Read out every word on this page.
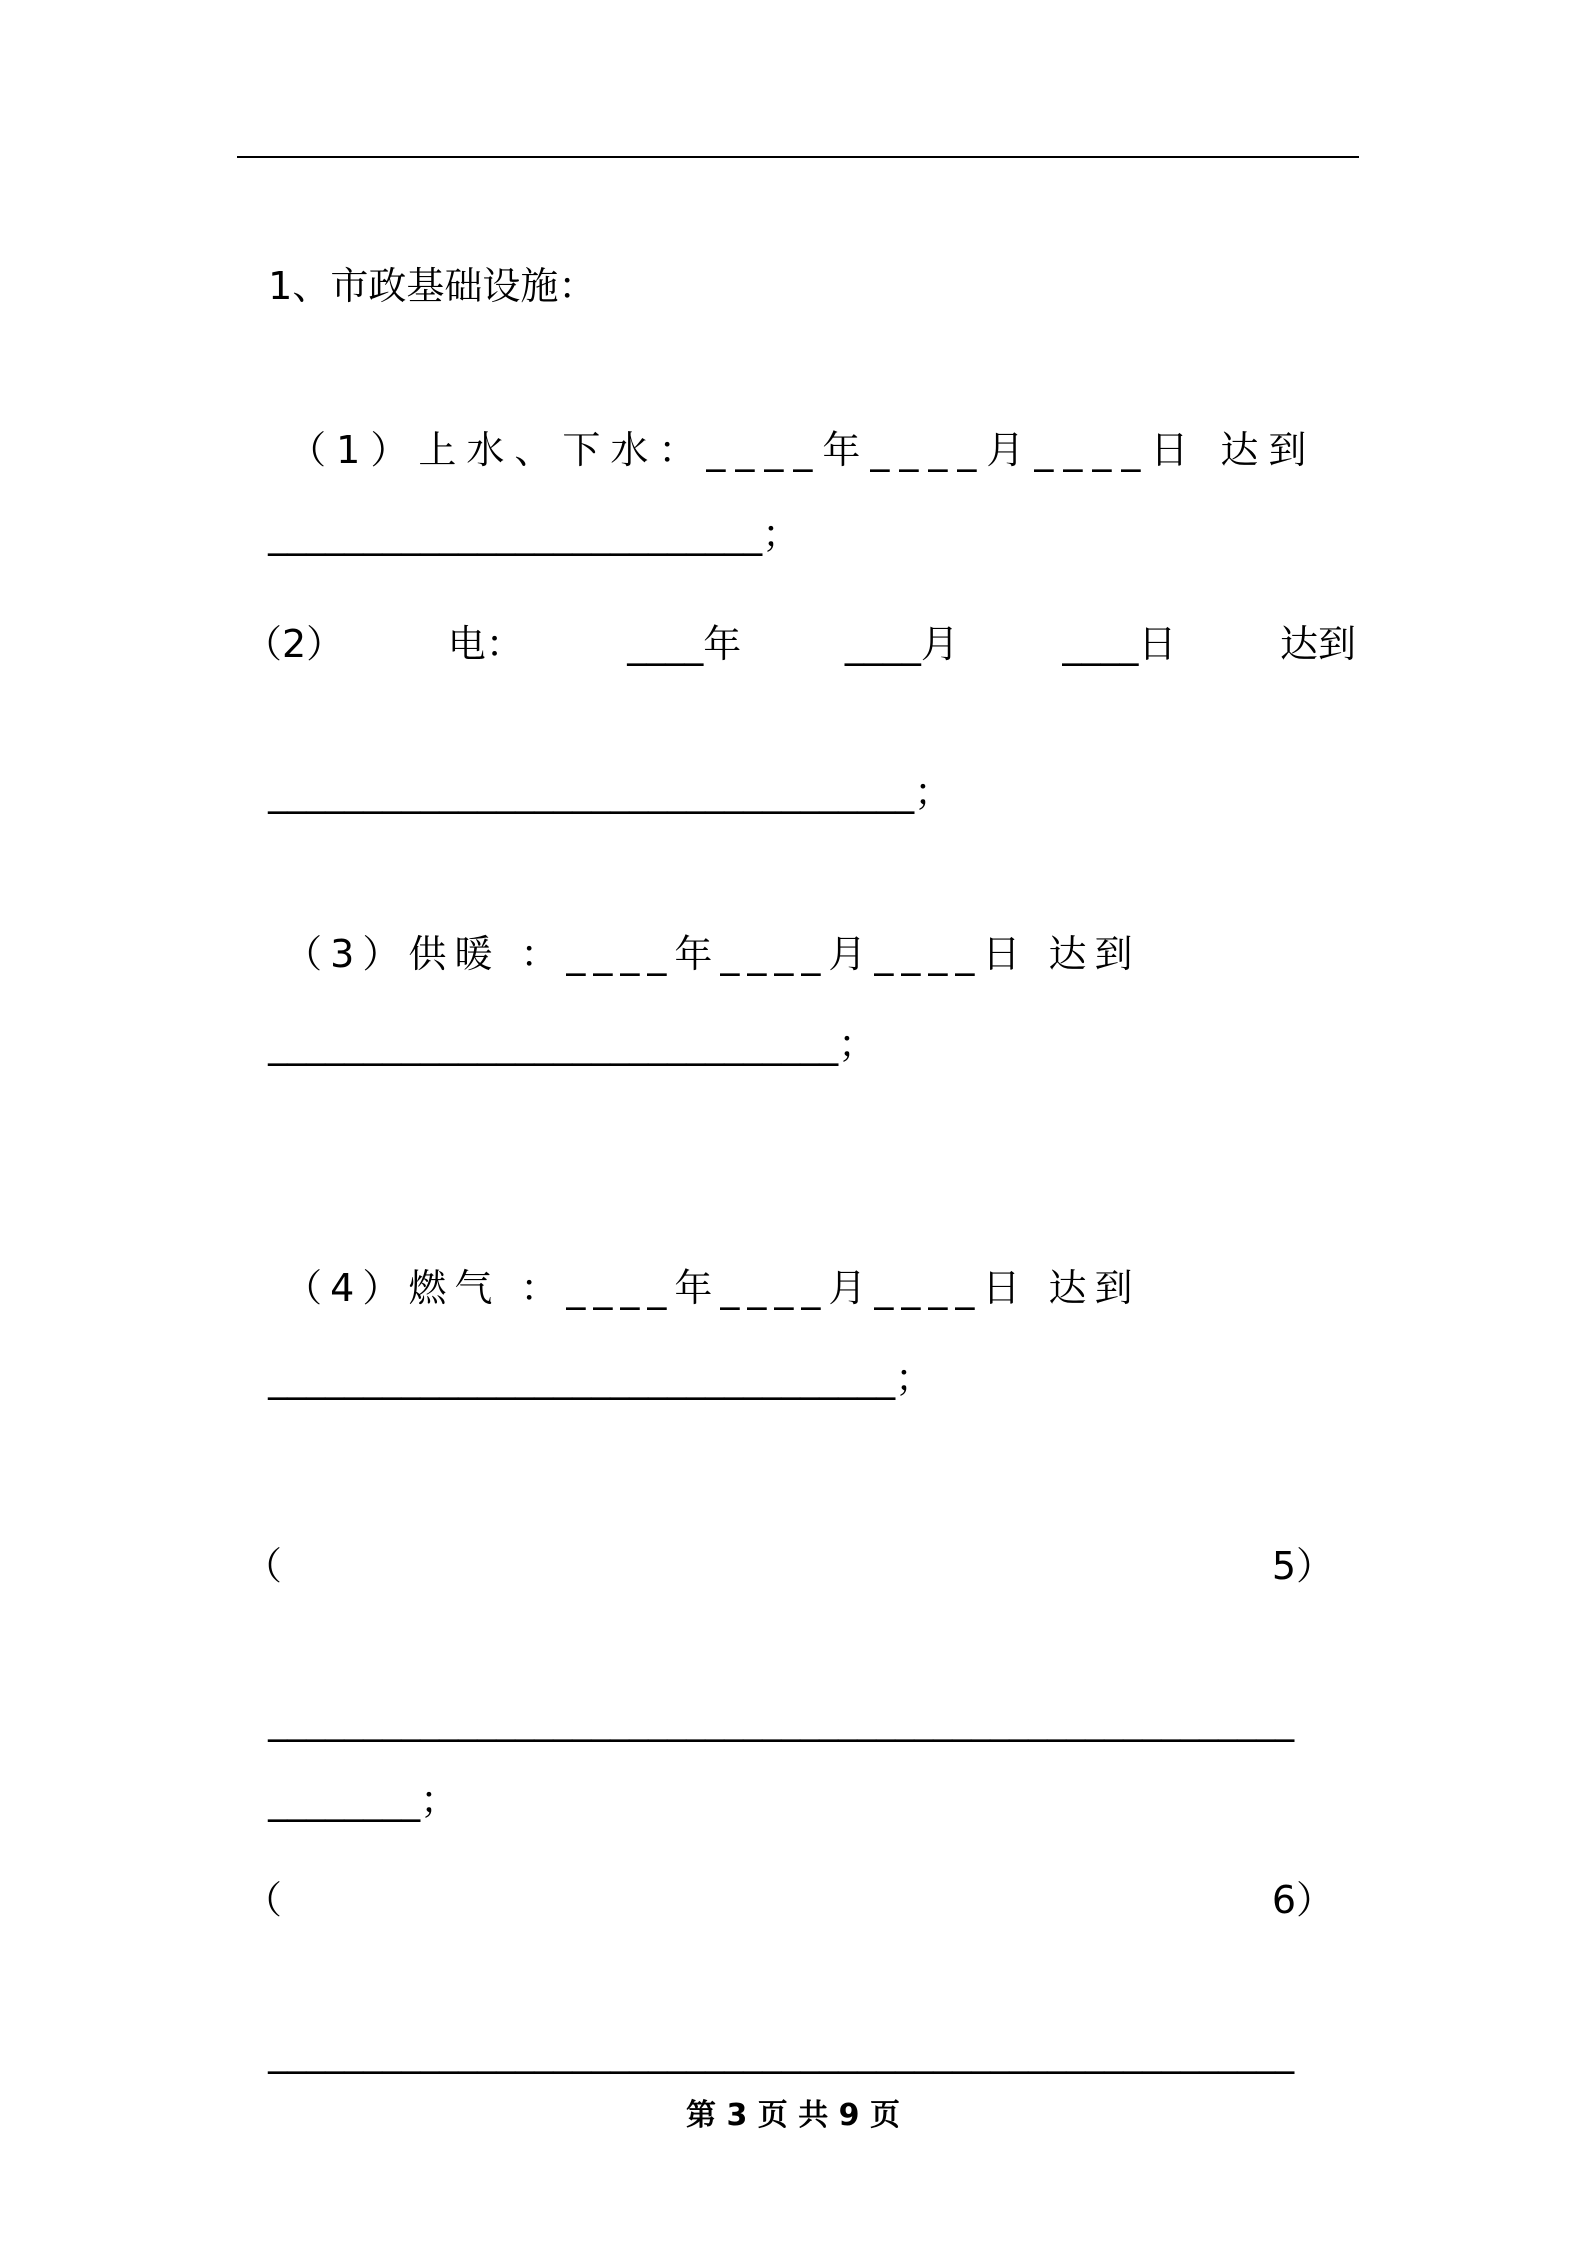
1、市政基础设施：

（1）上水、下水：____年____月____日 达到

__________________________；

（2）	电：	____年	____月	____日	达到

__________________________________；

（3）供暖 ：____年____月____日 达到

______________________________；

（4）燃气 ：____年____月____日 达到

_________________________________；

（	5）

______________________________________________________

________；

（	6）

______________________________________________________

第 3 页 共 9 页
